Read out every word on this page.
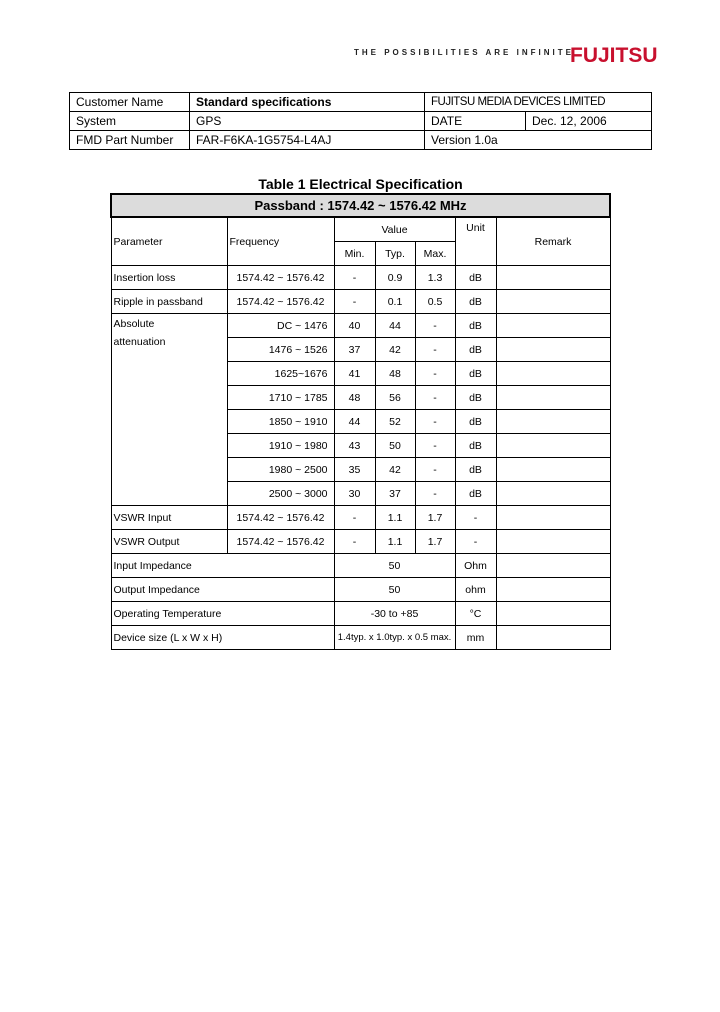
THE POSSIBILITIES ARE INFINITE
FUJITSU
Customer Name	Standard specifications	FUJITSU MEDIA DEVICES LIMITED	
System	GPS	DATE	Dec. 12, 2006
FMD Part Number	FAR-F6KA-1G5754-L4AJ	Version 1.0a	
Table 1 Electrical Specification
Passband : 1574.42 ~ 1576.42 MHz						
Parameter	Frequency	Value			Unit	Remark
		Min.	Typ.	Max.		
Insertion loss	1574.42 ~ 1576.42	-	0.9	1.3	dB	
Ripple in passband	1574.42 ~ 1576.42	-	0.1	0.5	dB	

Absolute
attenuation	DC ~ 1476	40	44	-	dB	
	1476 ~ 1526	37	42	-	dB	
	1625~1676	41	48	-	dB	
	1710 ~ 1785	48	56	-	dB	
	1850 ~ 1910	44	52	-	dB	
	1910 ~ 1980	43	50	-	dB	
	1980 ~ 2500	35	42	-	dB	
	2500 ~ 3000	30	37	-	dB	
VSWR Input	1574.42 ~ 1576.42	-	1.1	1.7	-	
VSWR Output	1574.42 ~ 1576.42	-	1.1	1.7	-	
Input Impedance		50			Ohm	
Output Impedance		50			ohm	
Operating Temperature		-30 to +85			°C	
Device size (L x W x H)		1.4typ. x 1.0typ. x 0.5 max.			mm	
